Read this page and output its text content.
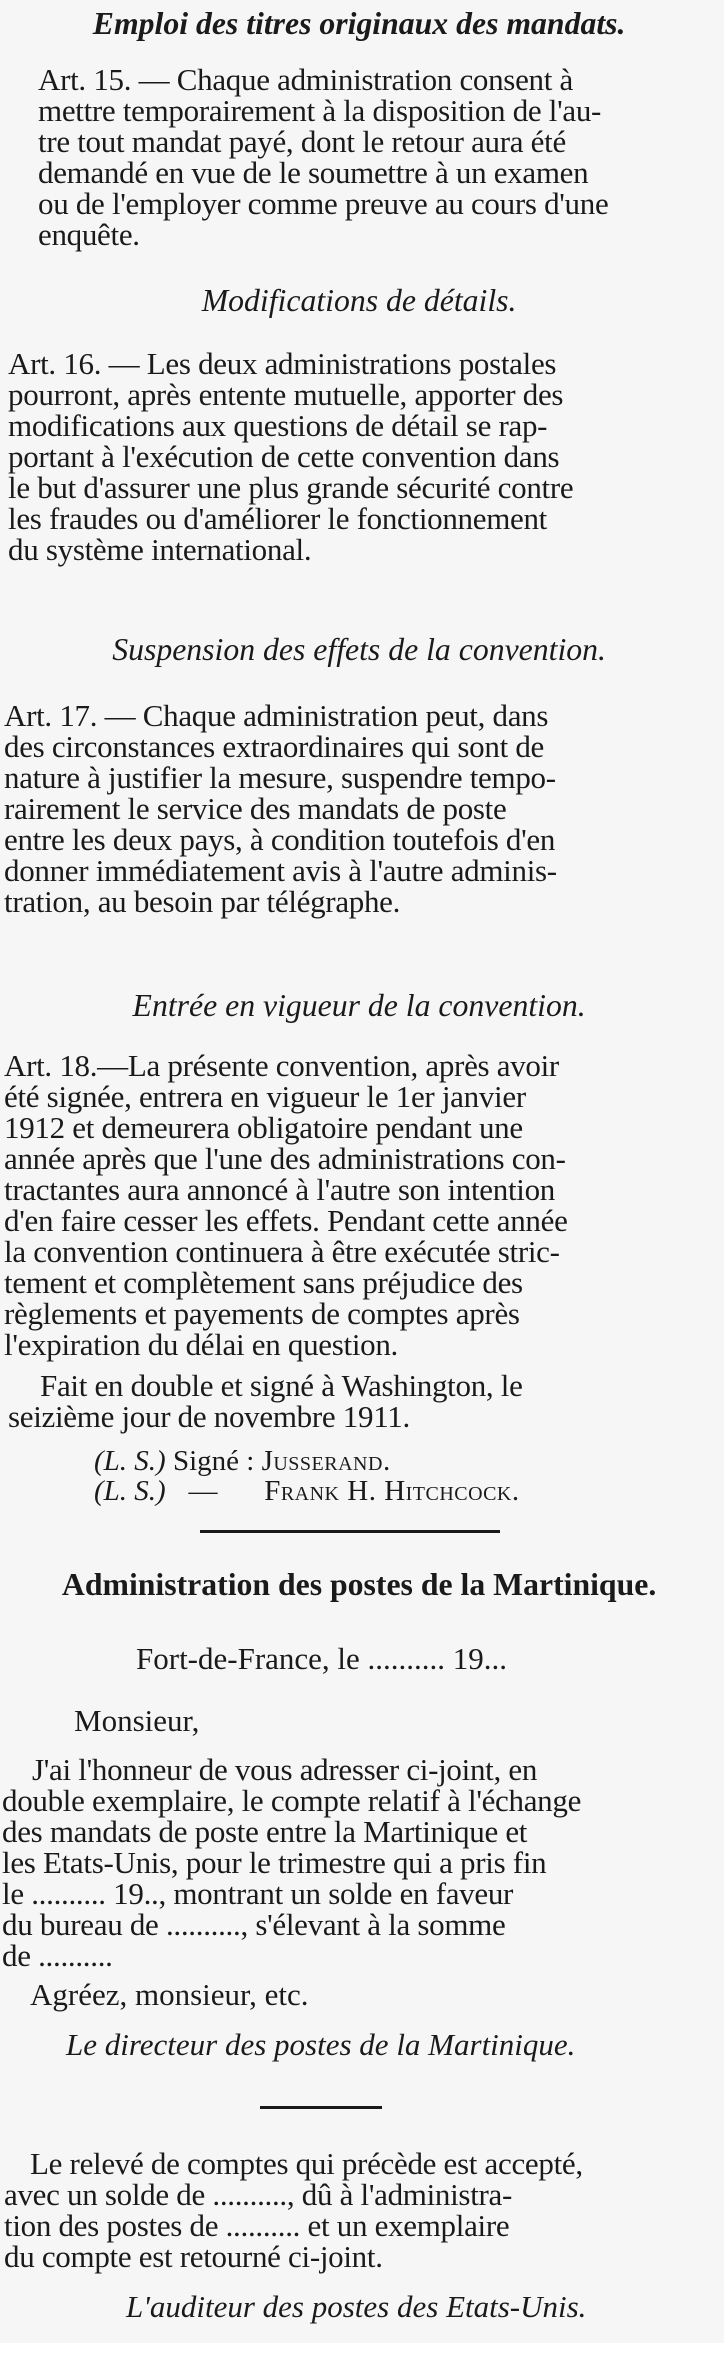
Emploi des titres originaux des mandats.
Art. 15. — Chaque administration consent à
mettre temporairement à la disposition de l'au-
tre tout mandat payé, dont le retour aura été
demandé en vue de le soumettre à un examen
ou de l'employer comme preuve au cours d'une
enquête.
Modifications de détails.
Art. 16. — Les deux administrations postales
pourront, après entente mutuelle, apporter des
modifications aux questions de détail se rap-
portant à l'exécution de cette convention dans
le but d'assurer une plus grande sécurité contre
les fraudes ou d'améliorer le fonctionnement
du système international.
Suspension des effets de la convention.
Art. 17. — Chaque administration peut, dans
des circonstances extraordinaires qui sont de
nature à justifier la mesure, suspendre tempo-
rairement le service des mandats de poste
entre les deux pays, à condition toutefois d'en
donner immédiatement avis à l'autre adminis-
tration, au besoin par télégraphe.
Entrée en vigueur de la convention.
Art. 18.—La présente convention, après avoir
été signée, entrera en vigueur le 1er janvier
1912 et demeurera obligatoire pendant une
année après que l'une des administrations con-
tractantes aura annoncé à l'autre son intention
d'en faire cesser les effets. Pendant cette année
la convention continuera à être exécutée stric-
tement et complètement sans préjudice des
règlements et payements de comptes après
l'expiration du délai en question.
Fait en double et signé à Washington, le
seizième jour de novembre 1911.
(L. S.) Signé : Jusserand.
(L. S.) — Frank H. Hitchcock.
Administration des postes de la Martinique.
Fort-de-France, le .......... 19...
Monsieur,
J'ai l'honneur de vous adresser ci-joint, en
double exemplaire, le compte relatif à l'échange
des mandats de poste entre la Martinique et
les Etats-Unis, pour le trimestre qui a pris fin
le .......... 19.., montrant un solde en faveur
du bureau de .........., s'élevant à la somme
de ..........
Agréez, monsieur, etc.
Le directeur des postes de la Martinique.
Le relevé de comptes qui précède est accepté,
avec un solde de .........., dû à l'administra-
tion des postes de .......... et un exemplaire
du compte est retourné ci-joint.
L'auditeur des postes des Etats-Unis.
